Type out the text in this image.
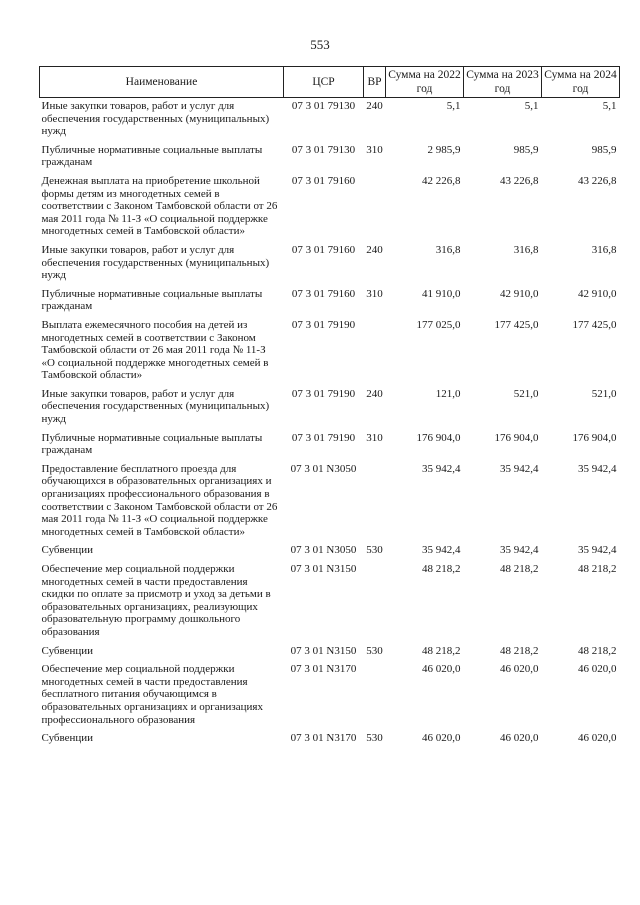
553
Наименование	ЦСР	ВР	Сумма на 2022 год	Сумма на 2023 год	Сумма на 2024 год
Иные закупки товаров, работ и услуг для обеспечения государственных (муниципальных) нужд	07 3 01 79130	240	5,1	5,1	5,1
Публичные нормативные социальные выплаты гражданам	07 3 01 79130	310	2 985,9	985,9	985,9
Денежная выплата на приобретение школьной формы детям из многодетных семей в соответствии с Законом Тамбовской области от 26 мая 2011 года № 11-З «О социальной поддержке многодетных семей в Тамбовской области»	07 3 01 79160		42 226,8	43 226,8	43 226,8
Иные закупки товаров, работ и услуг для обеспечения государственных (муниципальных) нужд	07 3 01 79160	240	316,8	316,8	316,8
Публичные нормативные социальные выплаты гражданам	07 3 01 79160	310	41 910,0	42 910,0	42 910,0
Выплата ежемесячного пособия на детей из многодетных семей в соответствии с Законом Тамбовской области от 26 мая 2011 года № 11-З «О социальной поддержке многодетных семей в Тамбовской области»	07 3 01 79190		177 025,0	177 425,0	177 425,0
Иные закупки товаров, работ и услуг для обеспечения государственных (муниципальных) нужд	07 3 01 79190	240	121,0	521,0	521,0
Публичные нормативные социальные выплаты гражданам	07 3 01 79190	310	176 904,0	176 904,0	176 904,0
Предоставление бесплатного проезда для обучающихся в образовательных организациях и организациях профессионального образования в соответствии с Законом Тамбовской области от 26 мая 2011 года № 11-З «О социальной поддержке многодетных семей в Тамбовской области»	07 3 01 N3050		35 942,4	35 942,4	35 942,4
Субвенции	07 3 01 N3050	530	35 942,4	35 942,4	35 942,4
Обеспечение мер социальной поддержки многодетных семей в части предоставления скидки по оплате за присмотр и уход за детьми в образовательных организациях, реализующих образовательную программу дошкольного образования	07 3 01 N3150		48 218,2	48 218,2	48 218,2
Субвенции	07 3 01 N3150	530	48 218,2	48 218,2	48 218,2
Обеспечение мер социальной поддержки многодетных семей в части предоставления бесплатного питания обучающимся в образовательных организациях и организациях профессионального образования	07 3 01 N3170		46 020,0	46 020,0	46 020,0
Субвенции	07 3 01 N3170	530	46 020,0	46 020,0	46 020,0
